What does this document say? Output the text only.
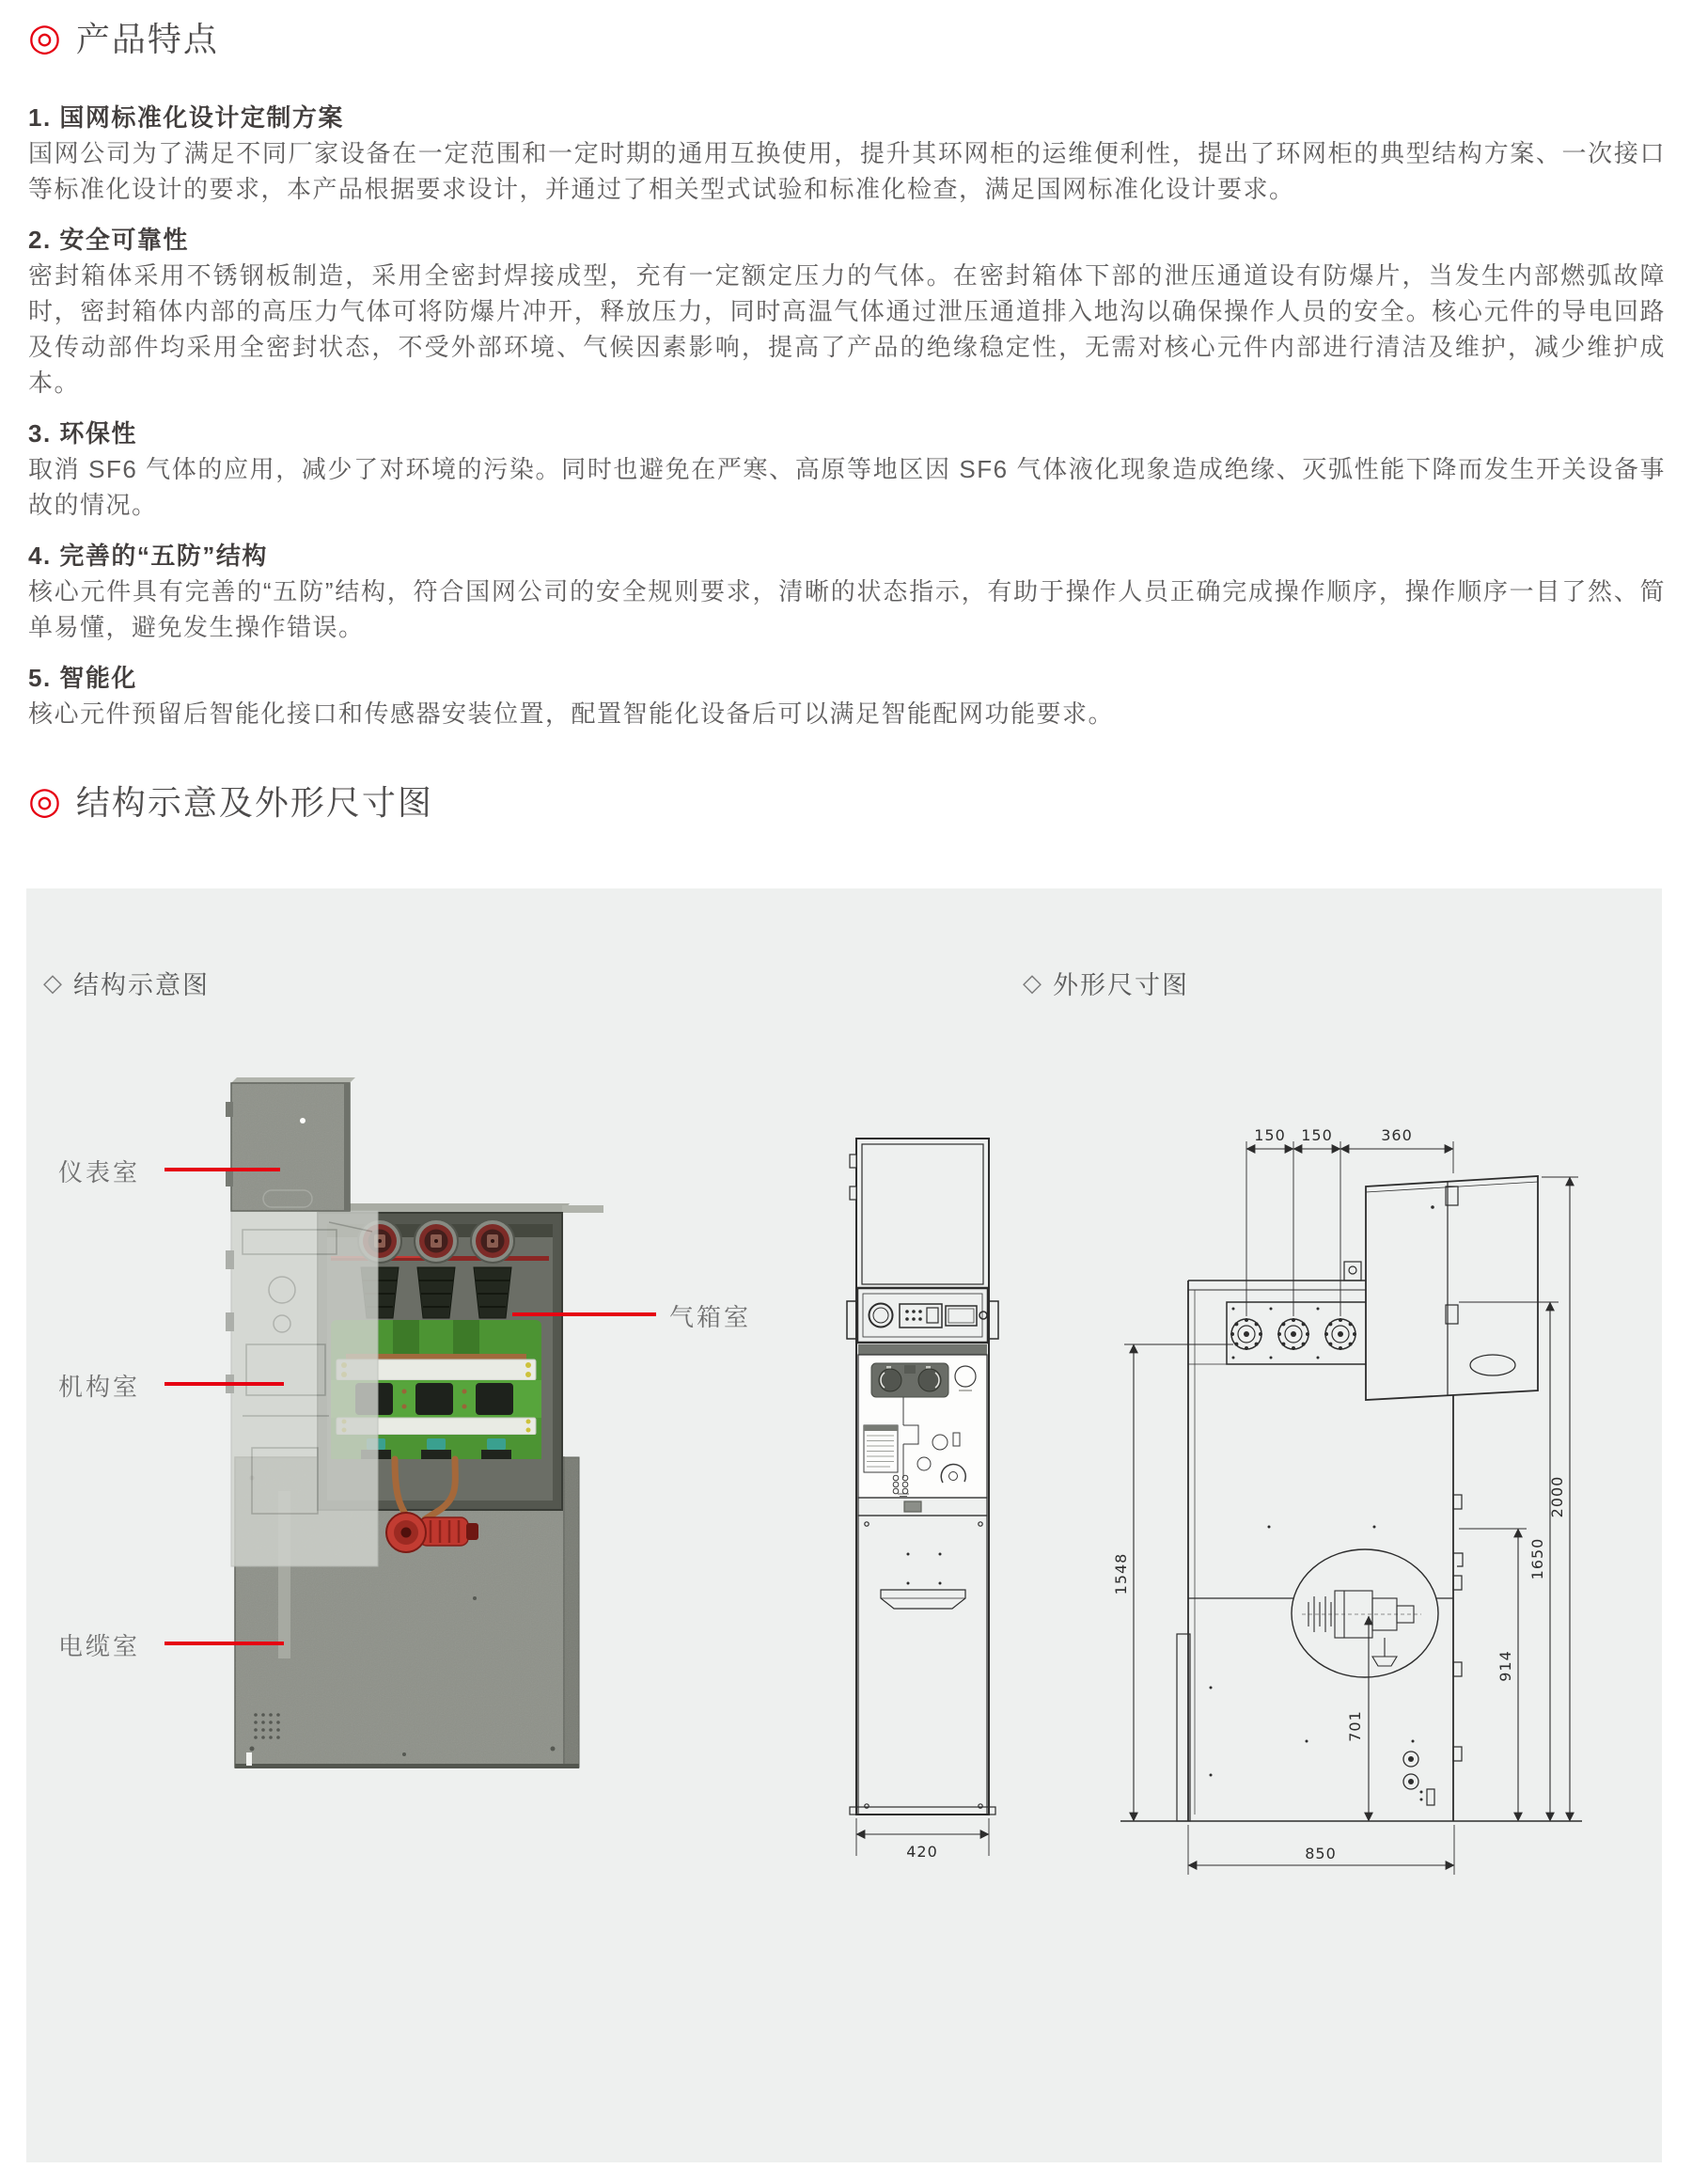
◎ 产品特点
1. 国网标准化设计定制方案

国网公司为了满足不同厂家设备在一定范围和一定时期的通用互换使用，提升其环网柜的运维便利性，提出了环网柜的典型结构方案、一次接口等标准化设计的要求，本产品根据要求设计，并通过了相关型式试验和标准化检查，满足国网标准化设计要求。

2. 安全可靠性

密封箱体采用不锈钢板制造，采用全密封焊接成型，充有一定额定压力的气体。在密封箱体下部的泄压通道设有防爆片，当发生内部燃弧故障时，密封箱体内部的高压力气体可将防爆片冲开，释放压力，同时高温气体通过泄压通道排入地沟以确保操作人员的安全。核心元件的导电回路及传动部件均采用全密封状态，不受外部环境、气候因素影响，提高了产品的绝缘稳定性，无需对核心元件内部进行清洁及维护，减少维护成本。

3. 环保性

取消 SF6 气体的应用，减少了对环境的污染。同时也避免在严寒、高原等地区因 SF6 气体液化现象造成绝缘、灭弧性能下降而发生开关设备事故的情况。

4. 完善的“五防”结构

核心元件具有完善的“五防”结构，符合国网公司的安全规则要求，清晰的状态指示，有助于操作人员正确完成操作顺序，操作顺序一目了然、简单易懂，避免发生操作错误。

5. 智能化

核心元件预留后智能化接口和传感器安装位置，配置智能化设备后可以满足智能配网功能要求。

◎ 结构示意及外形尺寸图
◇ 结构示意图	◇ 外形尺寸图
仪表室
机构室
电缆室
气箱室
150 150	360
420	850
1548
701
914
1650
2000
